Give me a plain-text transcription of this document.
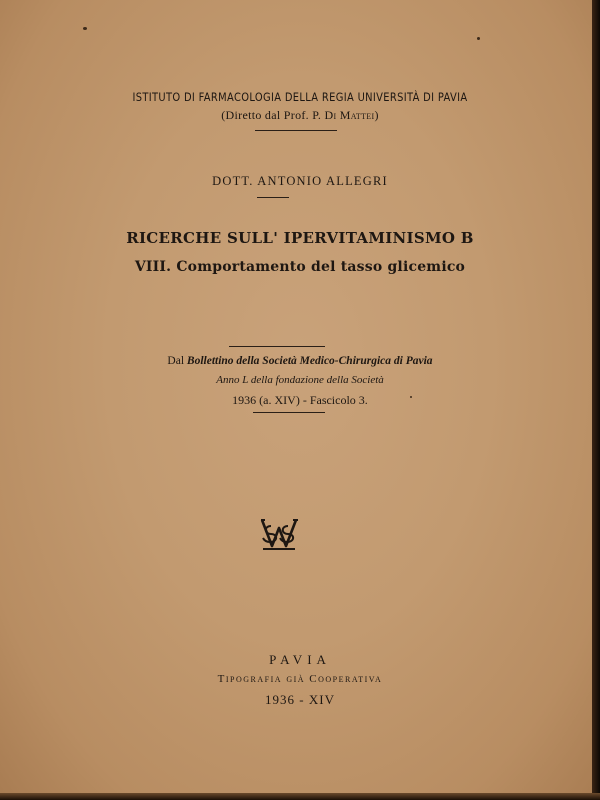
ISTITUTO DI FARMACOLOGIA DELLA REGIA UNIVERSITÀ DI PAVIA
(Diretto dal Prof. P. Di Mattei)
DOTT. ANTONIO ALLEGRI
RICERCHE SULL' IPERVITAMINISMO B
VIII. Comportamento del tasso glicemico
Dal Bollettino della Società Medico-Chirurgica di Pavia
Anno L della fondazione della Società
1936 (a. XIV) - Fascicolo 3.
PAVIA
Tipografia già Cooperativa
1936 - XIV
